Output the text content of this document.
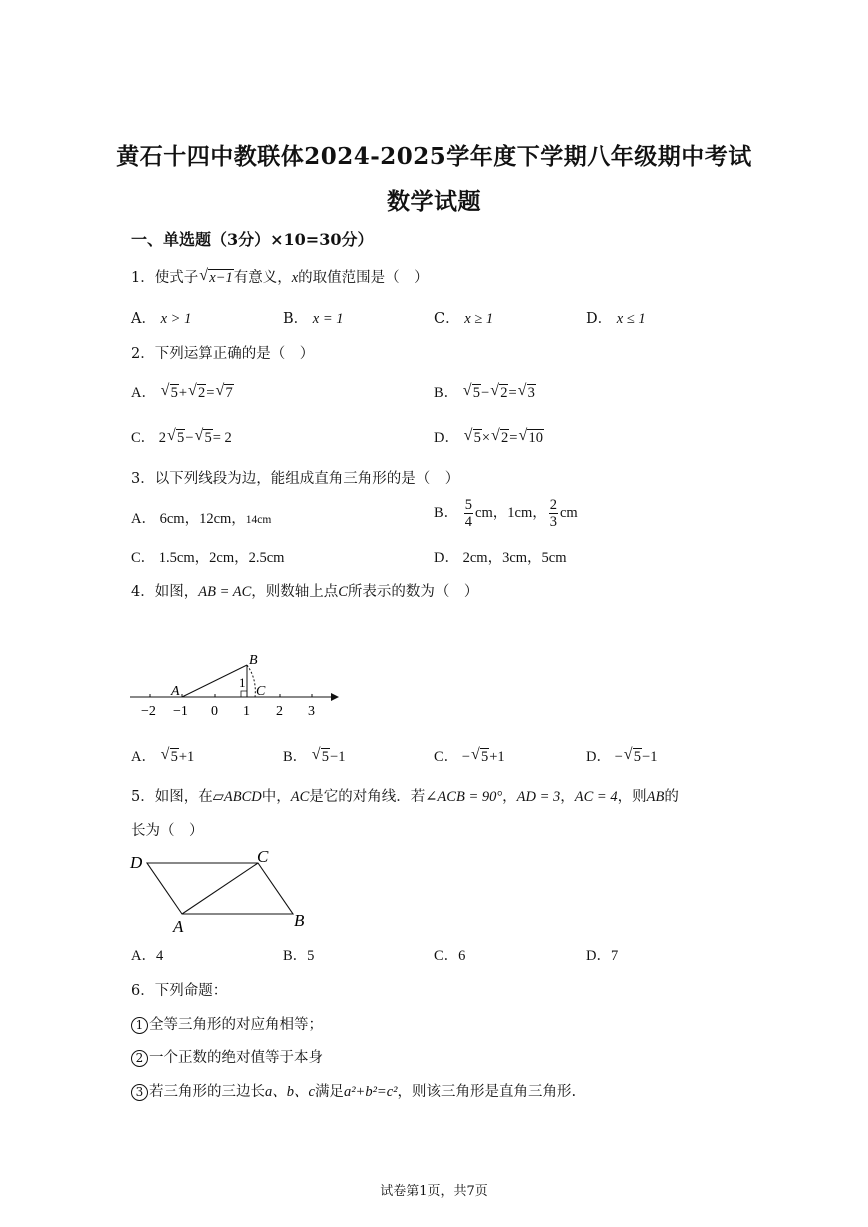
黄石十四中教联体2024-2025学年度下学期八年级期中考试
数学试题
一、单选题（3分）×10=30分）
1．使式子 √ x−1有意义，x的取值范围是（　）
A． x > 1	B． x = 1	C． x ≥ 1	D． x ≤ 1
2．下列运算正确的是（　）
A． √ 5+ √ 2= √ 7	B． √ 5− √ 2= √ 3
C． 2 √ 5− √ 5= 2	D． √ 5× √ 2= √ 10
3．以下列线段为边，能组成直角三角形的是（　）
A． 6cm，12cm，14cm	B． $\frac{5}{4}$ cm，1cm， $\frac{2}{3}$ cm
C． 1.5cm，2cm，2.5cm	D． 2cm，3cm，5cm
4．如图，AB = AC，则数轴上点C所表示的数为（　）
B
A	C
1
−2 −1 0 1 2 3
A． √ 5+1	B． √ 5−1	C． − √ 5+1	D． − √ 5−1
5．如图，在▱ABCD中，AC是它的对角线．若∠ACB = 90°，AD = 3，AC = 4，则AB的
长为（　）
D	C
A	B
A．4	B．5	C．6	D．7
6．下列命题：
1 全等三角形的对应角相等；
2 一个正数的绝对值等于本身
3 若三角形的三边长a、b、c满足a²+b²=c²，则该三角形是直角三角形.
试卷第1页，共7页
